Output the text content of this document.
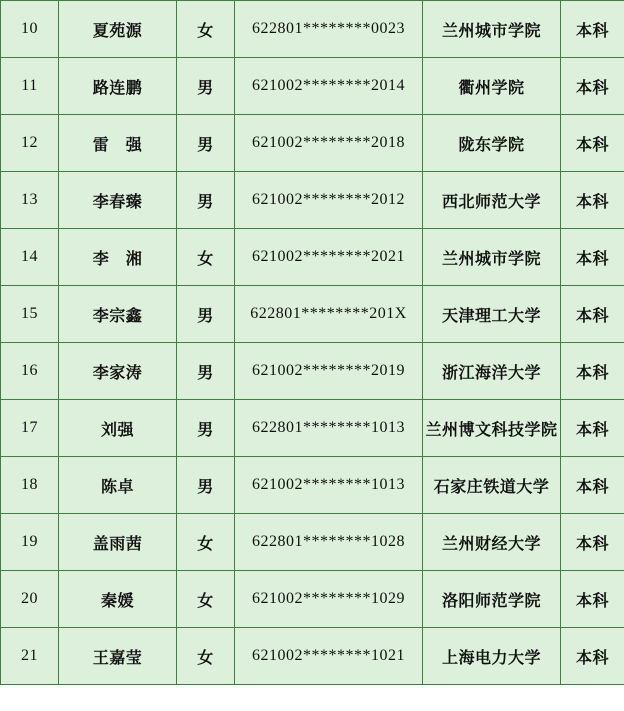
10	夏苑源	女	622801********0023	兰州城市学院	本科
11	路连鹏	男	621002********2014	衢州学院	本科
12	雷　强	男	621002********2018	陇东学院	本科
13	李春臻	男	621002********2012	西北师范大学	本科
14	李　湘	女	621002********2021	兰州城市学院	本科
15	李宗鑫	男	622801********201X	天津理工大学	本科
16	李家涛	男	621002********2019	浙江海洋大学	本科
17	刘强	男	622801********1013	兰州博文科技学院	本科
18	陈卓	男	621002********1013	石家庄铁道大学	本科
19	盖雨茜	女	622801********1028	兰州财经大学	本科
20	秦媛	女	621002********1029	洛阳师范学院	本科
21	王嘉莹	女	621002********1021	上海电力大学	本科
